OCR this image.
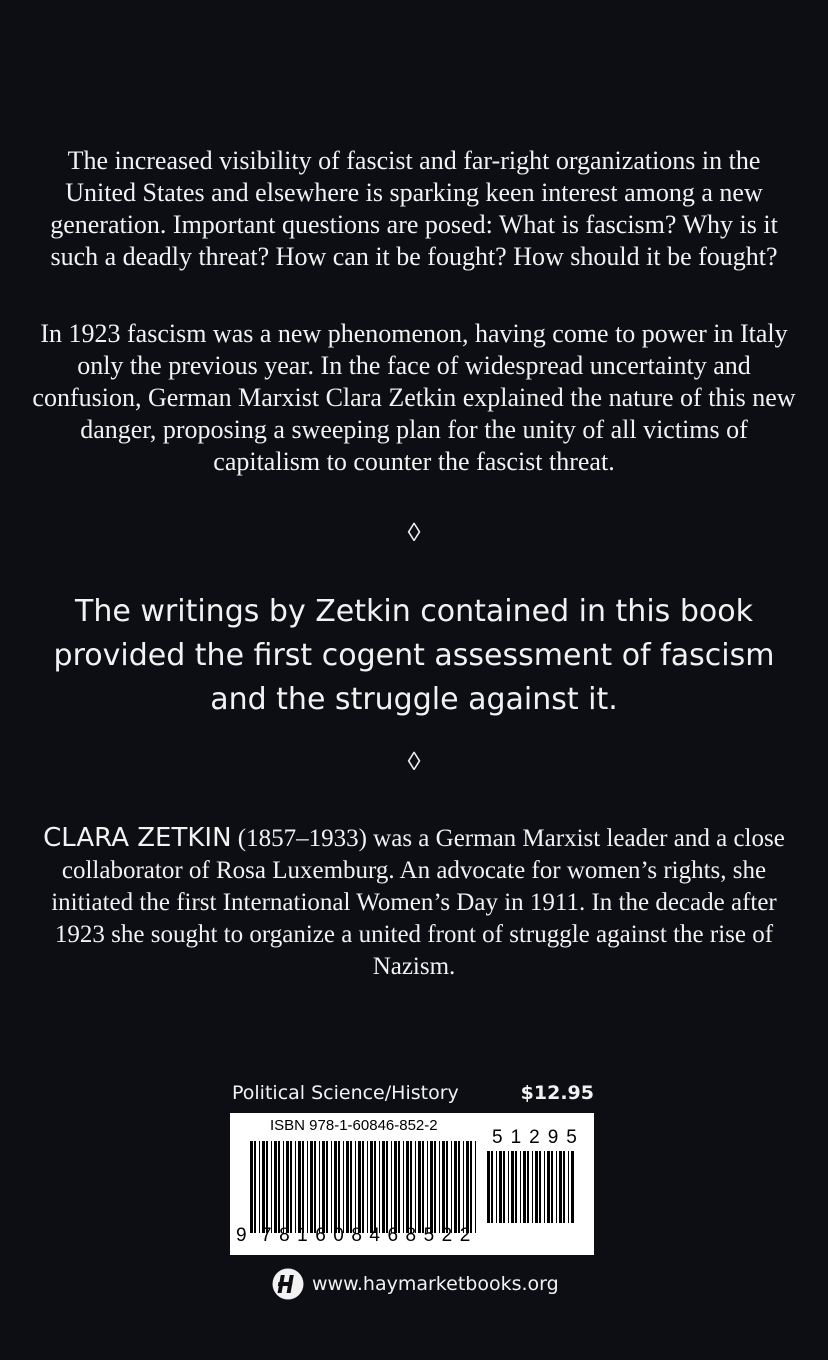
The increased visibility of fascist and far-right organizations in the United States and elsewhere is sparking keen interest among a new generation. Important questions are posed: What is fascism? Why is it such a deadly threat? How can it be fought? How should it be fought?

In 1923 fascism was a new phenomenon, having come to power in Italy only the previous year. In the face of widespread uncertainty and confusion, German Marxist Clara Zetkin explained the nature of this new danger, proposing a sweeping plan for the unity of all victims of capitalism to counter the fascist threat.

◊

The writings by Zetkin contained in this book provided the first cogent assessment of fascism and the struggle against it.

◊

CLARA ZETKIN (1857–1933) was a German Marxist leader and a close collaborator of Rosa Luxemburg. An advocate for women’s rights, she initiated the first International Women’s Day in 1911. In the decade after 1923 she sought to organize a united front of struggle against the rise of Nazism.

Political Science/History	$12.95
ISBN 978-1-60846-852-2
51295
9 781608468522
www.haymarketbooks.org
